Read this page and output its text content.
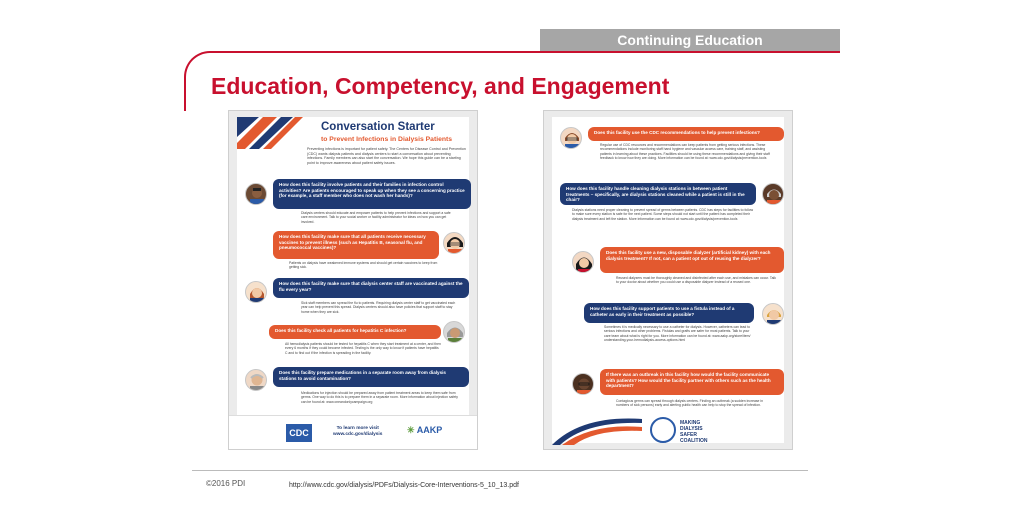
Continuing Education
Education, Competency, and Engagement
Conversation Starter
to Prevent Infections in Dialysis Patients
Preventing infections is important for patient safety. The Centers for Disease Control and Prevention (CDC) wants dialysis patients and dialysis centers to start a conversation about preventing infections. Family members can also start the conversation. We hope this guide can be a starting point to improve awareness about patient safety issues.
How does this facility involve patients and their families in infection control activities? Are patients encouraged to speak up when they see a concerning practice (for example, a staff member who does not wash her hands)?
Dialysis centers should educate and empower patients to help prevent infections and support a safe care environment. Talk to your social worker or facility administrator for ideas on how you can get involved.
How does this facility make sure that all patients receive necessary vaccines to prevent illness (such as Hepatitis B, seasonal flu, and pneumococcal vaccines)?
Patients on dialysis have weakened immune systems and should get certain vaccines to keep from getting sick.
How does this facility make sure that dialysis center staff are vaccinated against the flu every year?
Sick staff members can spread the flu to patients. Requiring dialysis center staff to get vaccinated each year can help prevent this spread. Dialysis centers should also have policies that support staff to stay home when they are sick.
Does this facility check all patients for hepatitis C infection?
All hemodialysis patients should be tested for hepatitis C when they start treatment at a center, and then every 6 months if they could become infected. Testing is the only way to know if patients have hepatitis C and to find out if the infection is spreading in the facility.
Does this facility prepare medications in a separate room away from dialysis stations to avoid contamination?
Medications for injection should be prepared away from patient treatment areas to keep them safe from germs. One way to do this is to prepare them in a separate room. More information about injection safety can be found at: www.oneandonlycampaign.org
CDC	To learn more visit
www.cdc.gov/dialysis	✳ AAKP
Does this facility use the CDC recommendations to help prevent infections?
Regular use of CDC resources and recommendations can keep patients from getting serious infections. These recommendations include monitoring staff hand hygiene and vascular access care, training staff, and assisting patients in learning about these practices. Facilities should be using these recommendations and giving their staff feedback to know how they are doing. More information can be found at: www.cdc.gov/dialysis/prevention-tools
How does this facility handle cleaning dialysis stations in between patient treatments – specifically, are dialysis stations cleaned while a patient is still in the chair?
Dialysis stations need proper cleaning to prevent spread of germs between patients. CDC has steps for facilities to follow to make sure every station is safe for the next patient. Some steps should not start until the patient has completed their dialysis treatment and left the station. More information can be found at: www.cdc.gov/dialysis/prevention-tools
Does this facility use a new, disposable dialyzer (artificial kidney) with each dialysis treatment? If not, can a patient opt out of reusing the dialyzer?
Reused dialyzers must be thoroughly cleaned and disinfected after each use, and mistakes can occur. Talk to your doctor about whether you could use a disposable dialyzer instead of a reused one.
How does this facility support patients to use a fistula instead of a catheter as early in their treatment as possible?
Sometimes it is medically necessary to use a catheter for dialysis. However, catheters can lead to serious infections and other problems. Fistulas and grafts are safer for most patients. Talk to your care team about what is right for you. More information can be found at: www.aakp.org/store/item/ understanding-your-hemodialysis-access-options.html
If there was an outbreak in this facility how would the facility communicate with patients? How would the facility partner with others such as the health department?
Contagious germs can spread through dialysis centers. Finding an outbreak (a sudden increase in numbers of sick persons) early and alerting public health can help to stop the spread of infection.
MAKING
DIALYSIS
SAFER
COALITION
©2016 PDI	http://www.cdc.gov/dialysis/PDFs/Dialysis-Core-Interventions-5_10_13.pdf
